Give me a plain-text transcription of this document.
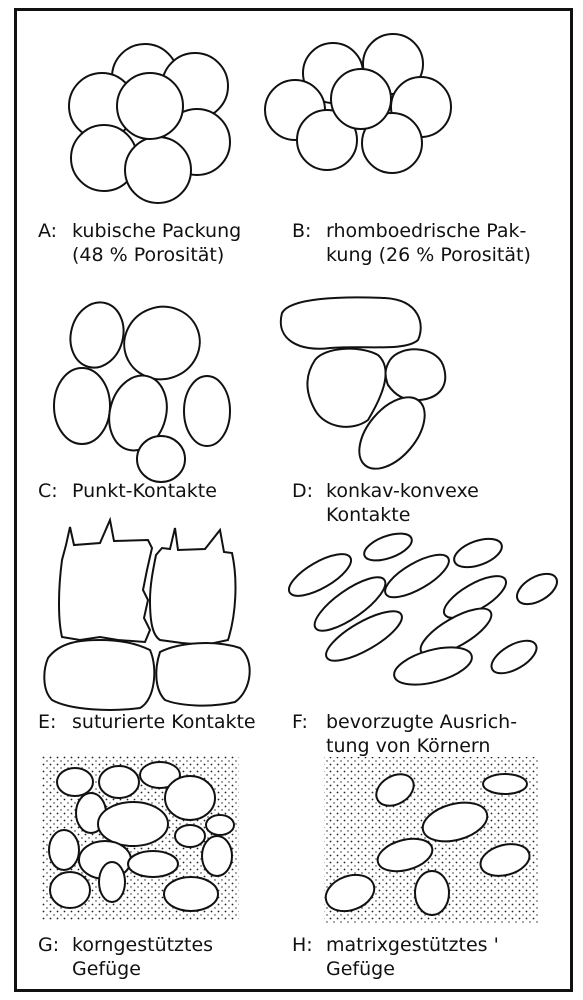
A: kubische Packung
(48 % Porosität)
B: rhomboedrische Pak-
kung (26 % Porosität)
C: Punkt-Kontakte	D: konkav-konvexe
Kontakte
E: suturierte Kontakte F: bevorzugte Ausrich-
tung von Körnern
G: korngestütztes
Gefüge
H: matrixgestütztes '
Gefüge
